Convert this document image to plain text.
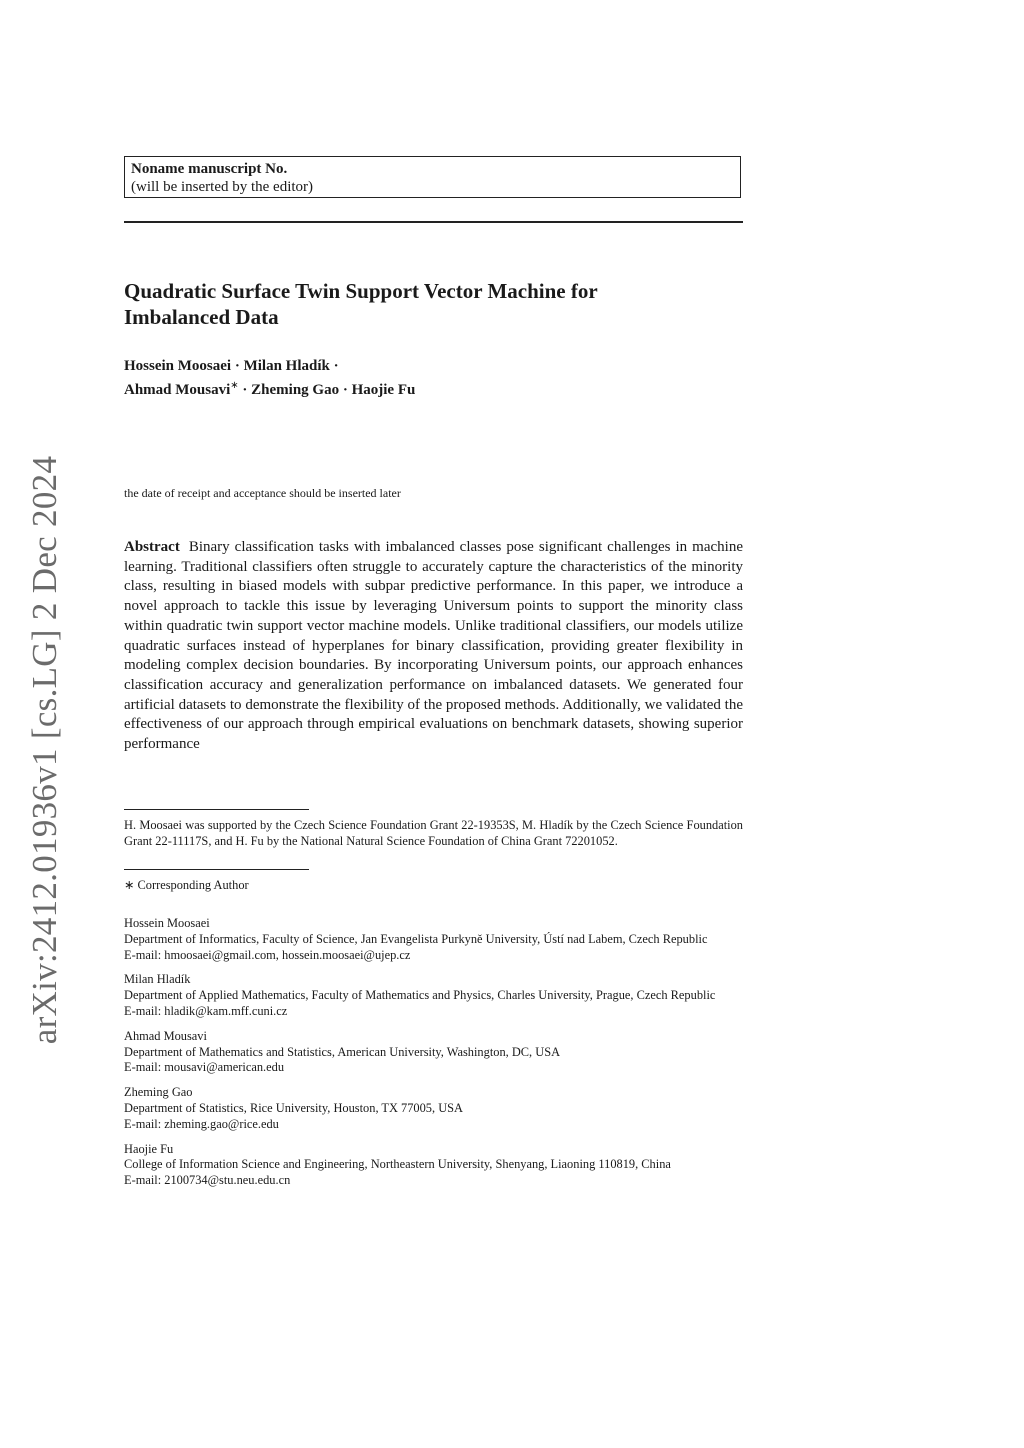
arXiv:2412.01936v1 [cs.LG] 2 Dec 2024
Noname manuscript No.
(will be inserted by the editor)
Quadratic Surface Twin Support Vector Machine for
Imbalanced Data
Hossein Moosaei · Milan Hladík ·
Ahmad Mousavi∗ · Zheming Gao · Haojie Fu
the date of receipt and acceptance should be inserted later

Abstract Binary classification tasks with imbalanced classes pose significant challenges in machine learning. Traditional classifiers often struggle to accurately capture the characteristics of the minority class, resulting in biased models with subpar predictive performance. In this paper, we introduce a novel approach to tackle this issue by leveraging Universum points to support the minority class within quadratic twin support vector machine models. Unlike traditional classifiers, our models utilize quadratic surfaces instead of hyperplanes for binary classification, providing greater flexibility in modeling complex decision boundaries. By incorporating Universum points, our approach enhances classification accuracy and generalization performance on imbalanced datasets. We generated four artificial datasets to demonstrate the flexibility of the proposed methods. Additionally, we validated the effectiveness of our approach through empirical evaluations on benchmark datasets, showing superior performance

H. Moosaei was supported by the Czech Science Foundation Grant 22-19353S, M. Hladík by the Czech Science Foundation Grant 22-11117S, and H. Fu by the National Natural Science Foundation of China Grant 72201052.

∗ Corresponding Author
Hossein Moosaei
Department of Informatics, Faculty of Science, Jan Evangelista Purkyně University, Ústí nad Labem, Czech Republic
E-mail: hmoosaei@gmail.com, hossein.moosaei@ujep.cz
Milan Hladík
Department of Applied Mathematics, Faculty of Mathematics and Physics, Charles University, Prague, Czech Republic
E-mail: hladik@kam.mff.cuni.cz
Ahmad Mousavi
Department of Mathematics and Statistics, American University, Washington, DC, USA
E-mail: mousavi@american.edu
Zheming Gao
Department of Statistics, Rice University, Houston, TX 77005, USA
E-mail: zheming.gao@rice.edu
Haojie Fu
College of Information Science and Engineering, Northeastern University, Shenyang, Liaoning 110819, China
E-mail: 2100734@stu.neu.edu.cn
